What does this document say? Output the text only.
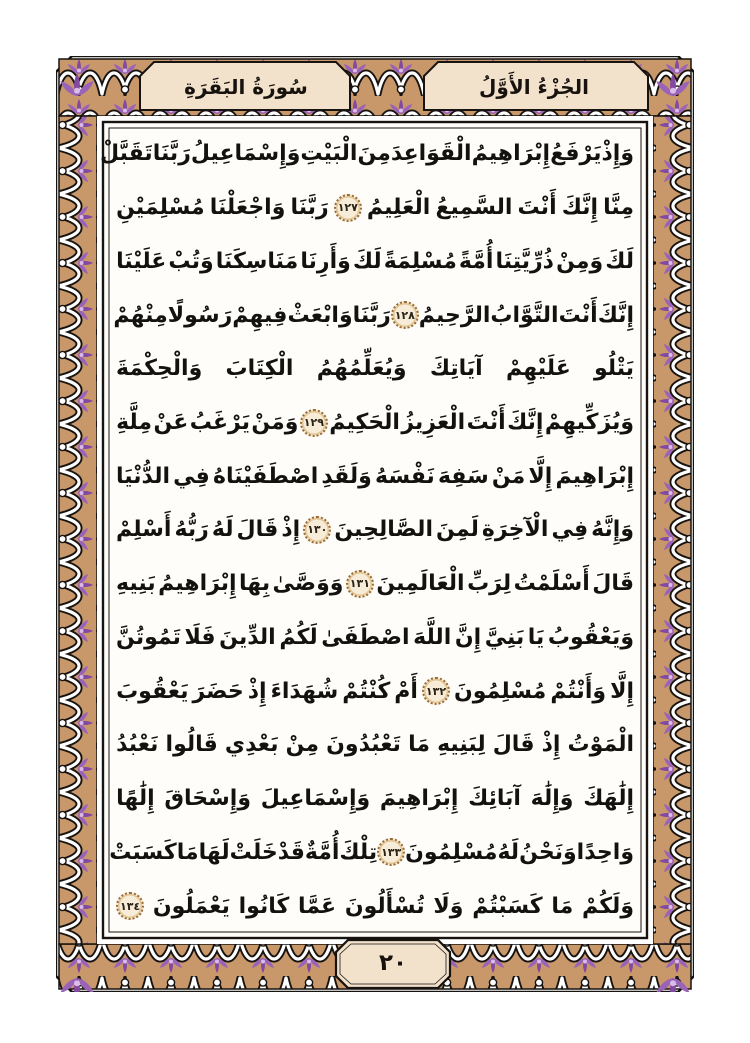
سُورَةُ البَقَرَةِ	الجُزْءُ الأَوَّلُ
وَإِذْ
يَرْفَعُ
إِبْرَاهِيمُ
الْقَوَاعِدَ
مِنَ
الْبَيْتِ
وَإِسْمَاعِيلُ
رَبَّنَا
تَقَبَّلْ
مِنَّا
إِنَّكَ
أَنْتَ
السَّمِيعُ
الْعَلِيمُ
١٢٧
رَبَّنَا
وَاجْعَلْنَا
مُسْلِمَيْنِ
لَكَ
وَمِنْ
ذُرِّيَّتِنَا
أُمَّةً
مُسْلِمَةً
لَكَ
وَأَرِنَا
مَنَاسِكَنَا
وَتُبْ
عَلَيْنَا
إِنَّكَ
أَنْتَ
التَّوَّابُ
الرَّحِيمُ
١٢٨
رَبَّنَا
وَابْعَثْ
فِيهِمْ
رَسُولًا
مِنْهُمْ
يَتْلُو
عَلَيْهِمْ
آيَاتِكَ
وَيُعَلِّمُهُمُ
الْكِتَابَ
وَالْحِكْمَةَ
وَيُزَكِّيهِمْ
إِنَّكَ
أَنْتَ
الْعَزِيزُ
الْحَكِيمُ
١٢٩
وَمَنْ
يَرْغَبُ
عَنْ
مِلَّةِ
إِبْرَاهِيمَ
إِلَّا
مَنْ
سَفِهَ
نَفْسَهُ
وَلَقَدِ
اصْطَفَيْنَاهُ
فِي
الدُّنْيَا
وَإِنَّهُ
فِي
الْآخِرَةِ
لَمِنَ
الصَّالِحِينَ
١٣٠
إِذْ
قَالَ
لَهُ
رَبُّهُ
أَسْلِمْ
قَالَ
أَسْلَمْتُ
لِرَبِّ
الْعَالَمِينَ
١٣١
وَوَصَّىٰ
بِهَا
إِبْرَاهِيمُ
بَنِيهِ
وَيَعْقُوبُ
يَا
بَنِيَّ
إِنَّ
اللَّهَ
اصْطَفَىٰ
لَكُمُ
الدِّينَ
فَلَا
تَمُوتُنَّ
إِلَّا
وَأَنْتُمْ
مُسْلِمُونَ
١٣٢
أَمْ
كُنْتُمْ
شُهَدَاءَ
إِذْ
حَضَرَ
يَعْقُوبَ
الْمَوْتُ
إِذْ
قَالَ
لِبَنِيهِ
مَا
تَعْبُدُونَ
مِنْ
بَعْدِي
قَالُوا
نَعْبُدُ
إِلَٰهَكَ
وَإِلَٰهَ
آبَائِكَ
إِبْرَاهِيمَ
وَإِسْمَاعِيلَ
وَإِسْحَاقَ
إِلَٰهًا
وَاحِدًا
وَنَحْنُ
لَهُ
مُسْلِمُونَ
١٣٣
تِلْكَ
أُمَّةٌ
قَدْ
خَلَتْ
لَهَا
مَا
كَسَبَتْ
وَلَكُمْ
مَا
كَسَبْتُمْ
وَلَا
تُسْأَلُونَ
عَمَّا
كَانُوا
يَعْمَلُونَ
١٣٤
٢٠
